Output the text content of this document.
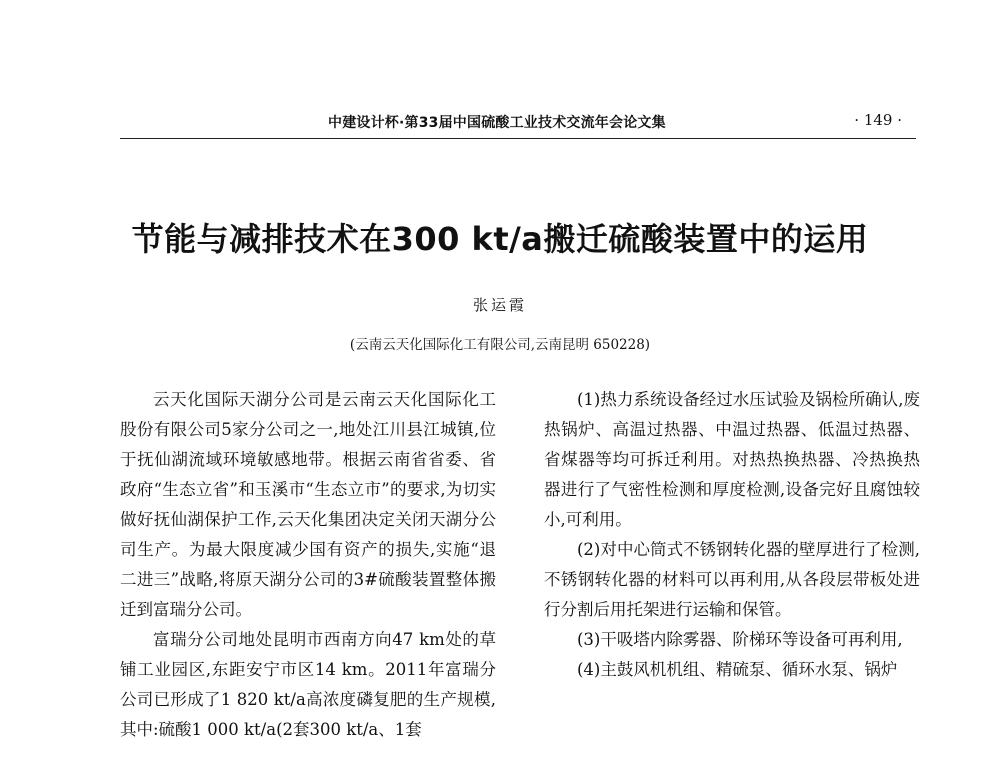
中建设计杯·第33届中国硫酸工业技术交流年会论文集	· 149 ·
节能与减排技术在300 kt/a搬迁硫酸装置中的运用
张运霞
(云南云天化国际化工有限公司,云南昆明 650228)

云天化国际天湖分公司是云南云天化国际化工股份有限公司5家分公司之一,地处江川县江城镇,位于抚仙湖流域环境敏感地带。根据云南省省委、省政府“生态立省”和玉溪市“生态立市”的要求,为切实做好抚仙湖保护工作,云天化集团决定关闭天湖分公司生产。为最大限度减少国有资产的损失,实施“退二进三”战略,将原天湖分公司的3#硫酸装置整体搬迁到富瑞分公司。

富瑞分公司地处昆明市西南方向47 km处的草铺工业园区,东距安宁市区14 km。2011年富瑞分公司已形成了1 820 kt/a高浓度磷复肥的生产规模,其中:硫酸1 000 kt/a(2套300 kt/a、1套

(1)热力系统设备经过水压试验及锅检所确认,废热锅炉、高温过热器、中温过热器、低温过热器、省煤器等均可拆迁利用。对热热换热器、冷热换热器进行了气密性检测和厚度检测,设备完好且腐蚀较小,可利用。

(2)对中心筒式不锈钢转化器的壁厚进行了检测,不锈钢转化器的材料可以再利用,从各段层带板处进行分割后用托架进行运输和保管。

(3)干吸塔内除雾器、阶梯环等设备可再利用,

(4)主鼓风机机组、精硫泵、循环水泵、锅炉
